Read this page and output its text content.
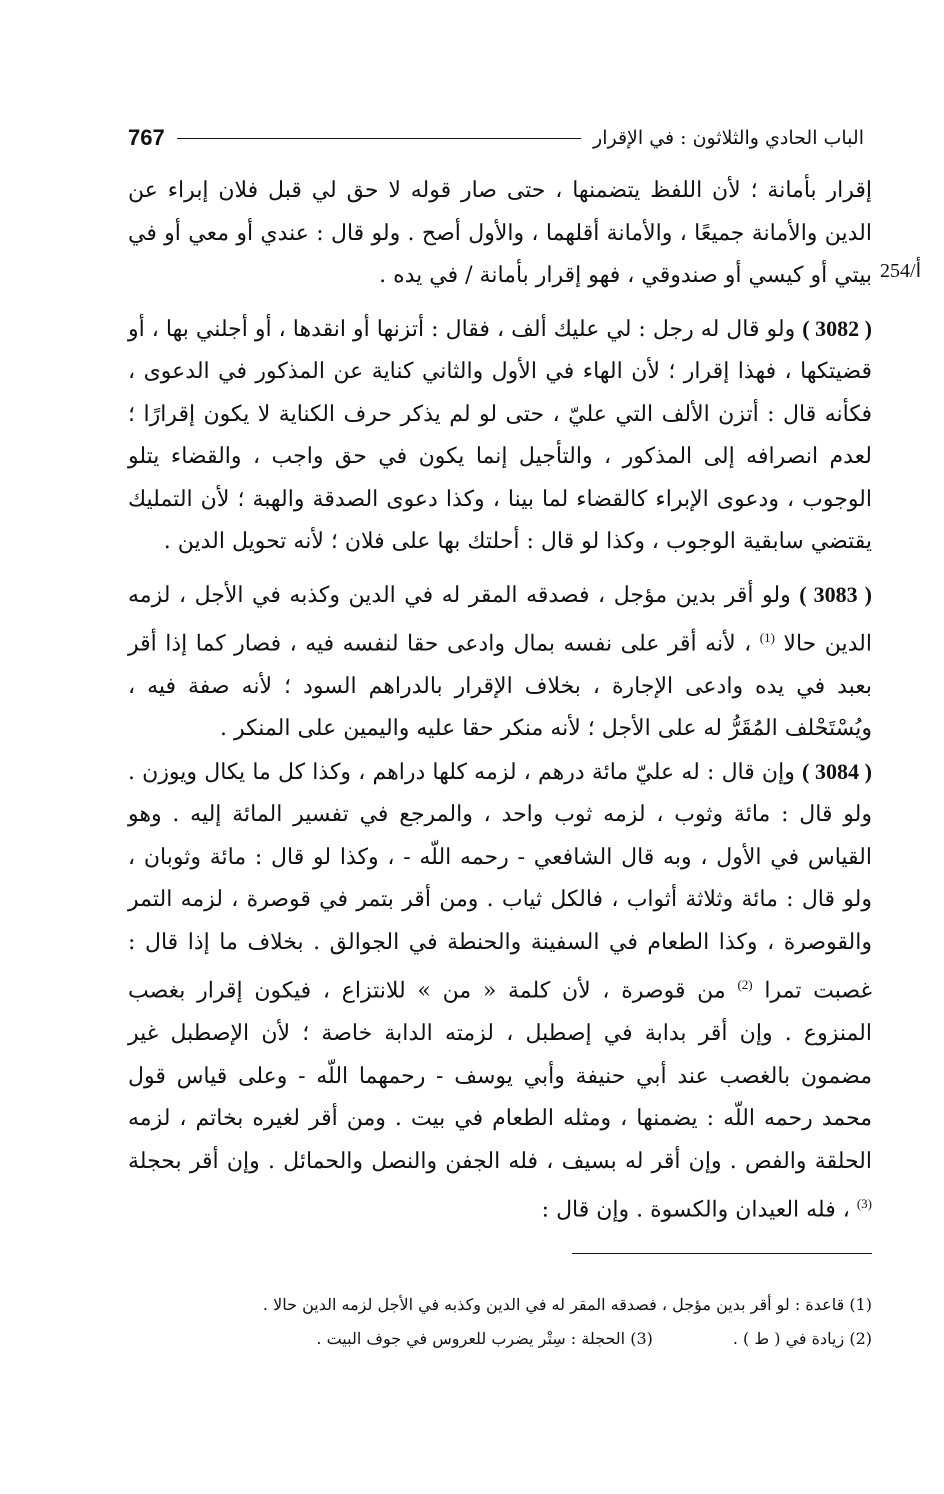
الباب الحادي والثلاثون : في الإقرار
767
254/أ

إقرار بأمانة ؛ لأن اللفظ يتضمنها ، حتى صار قوله لا حق لي قبل فلان إبراء عن الدين والأمانة جميعًا ، والأمانة أقلهما ، والأول أصح . ولو قال : عندي أو معي أو في بيتي أو كيسي أو صندوقي ، فهو إقرار بأمانة / في يده .

( 3082 ) ولو قال له رجل : لي عليك ألف ، فقال : أتزنها أو انقدها ، أو أجلني بها ، أو قضيتكها ، فهذا إقرار ؛ لأن الهاء في الأول والثاني كناية عن المذكور في الدعوى ، فكأنه قال : أتزن الألف التي عليّ ، حتى لو لم يذكر حرف الكناية لا يكون إقرارًا ؛ لعدم انصرافه إلى المذكور ، والتأجيل إنما يكون في حق واجب ، والقضاء يتلو الوجوب ، ودعوى الإبراء كالقضاء لما بينا ، وكذا دعوى الصدقة والهبة ؛ لأن التمليك يقتضي سابقية الوجوب ، وكذا لو قال : أحلتك بها على فلان ؛ لأنه تحويل الدين .

( 3083 ) ولو أقر بدين مؤجل ، فصدقه المقر له في الدين وكذبه في الأجل ، لزمه الدين حالا $^{(1)}$ ، لأنه أقر على نفسه بمال وادعى حقا لنفسه فيه ، فصار كما إذا أقر بعبد في يده وادعى الإجارة ، بخلاف الإقرار بالدراهم السود ؛ لأنه صفة فيه ، ويُسْتَحْلف المُقَرُّ له على الأجل ؛ لأنه منكر حقا عليه واليمين على المنكر .

( 3084 ) وإن قال : له عليّ مائة درهم ، لزمه كلها دراهم ، وكذا كل ما يكال ويوزن . ولو قال : مائة وثوب ، لزمه ثوب واحد ، والمرجع في تفسير المائة إليه . وهو القياس في الأول ، وبه قال الشافعي - رحمه اللّه - ، وكذا لو قال : مائة وثوبان ، ولو قال : مائة وثلاثة أثواب ، فالكل ثياب . ومن أقر بتمر في قوصرة ، لزمه التمر والقوصرة ، وكذا الطعام في السفينة والحنطة في الجوالق . بخلاف ما إذا قال : غصبت تمرا $^{(2)}$ من قوصرة ، لأن كلمة « من » للانتزاع ، فيكون إقرار بغصب المنزوع . وإن أقر بدابة في إصطبل ، لزمته الدابة خاصة ؛ لأن الإصطبل غير مضمون بالغصب عند أبي حنيفة وأبي يوسف - رحمهما اللّه - وعلى قياس قول محمد رحمه اللّه : يضمنها ، ومثله الطعام في بيت . ومن أقر لغيره بخاتم ، لزمه الحلقة والفص . وإن أقر له بسيف ، فله الجفن والنصل والحمائل . وإن أقر بحجلة $^{(3)}$ ، فله العيدان والكسوة . وإن قال :

(1) قاعدة : لو أقر بدين مؤجل ، فصدقه المقر له في الدين وكذبه في الأجل لزمه الدين حالا .
(2) زيادة في ( ط ) .
(3) الحجلة : سِتْر يضرب للعروس في جوف البيت .
